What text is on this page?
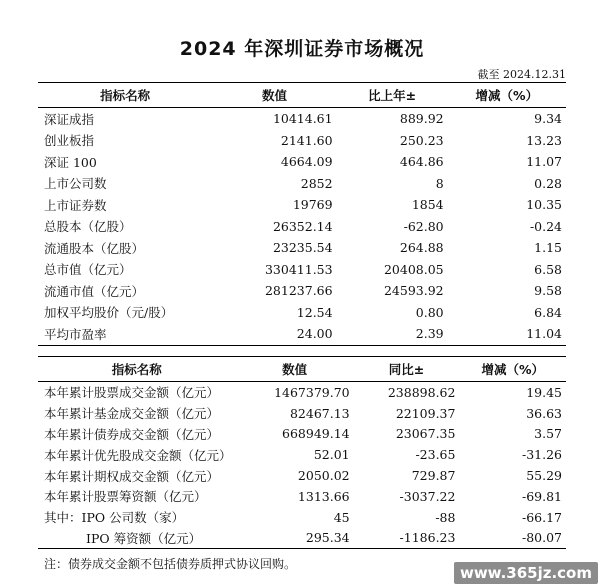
2024 年深圳证券市场概况
截至 2024.12.31
指标名称	数值	比上年±	增减（%）
深证成指	10414.61	889.92	9.34
创业板指	2141.60	250.23	13.23
深证 100	4664.09	464.86	11.07
上市公司数	2852	8	0.28
上市证券数	19769	1854	10.35
总股本（亿股）	26352.14	-62.80	-0.24
流通股本（亿股）	23235.54	264.88	1.15
总市值（亿元）	330411.53	20408.05	6.58
流通市值（亿元）	281237.66	24593.92	9.58
加权平均股价（元/股）	12.54	0.80	6.84
平均市盈率	24.00	2.39	11.04
指标名称	数值	同比±	增减（%）
本年累计股票成交金额（亿元）	1467379.70	238898.62	19.45
本年累计基金成交金额（亿元）	82467.13	22109.37	36.63
本年累计债券成交金额（亿元）	668949.14	23067.35	3.57
本年累计优先股成交金额（亿元）	52.01	-23.65	-31.26
本年累计期权成交金额（亿元）	2050.02	729.87	55.29
本年累计股票筹资额（亿元）	1313.66	-3037.22	-69.81
其中：IPO 公司数（家）	45	-88	-66.17
IPO 筹资额（亿元）	295.34	-1186.23	-80.07
注：债券成交金额不包括债券质押式协议回购。	www.365jz.com
